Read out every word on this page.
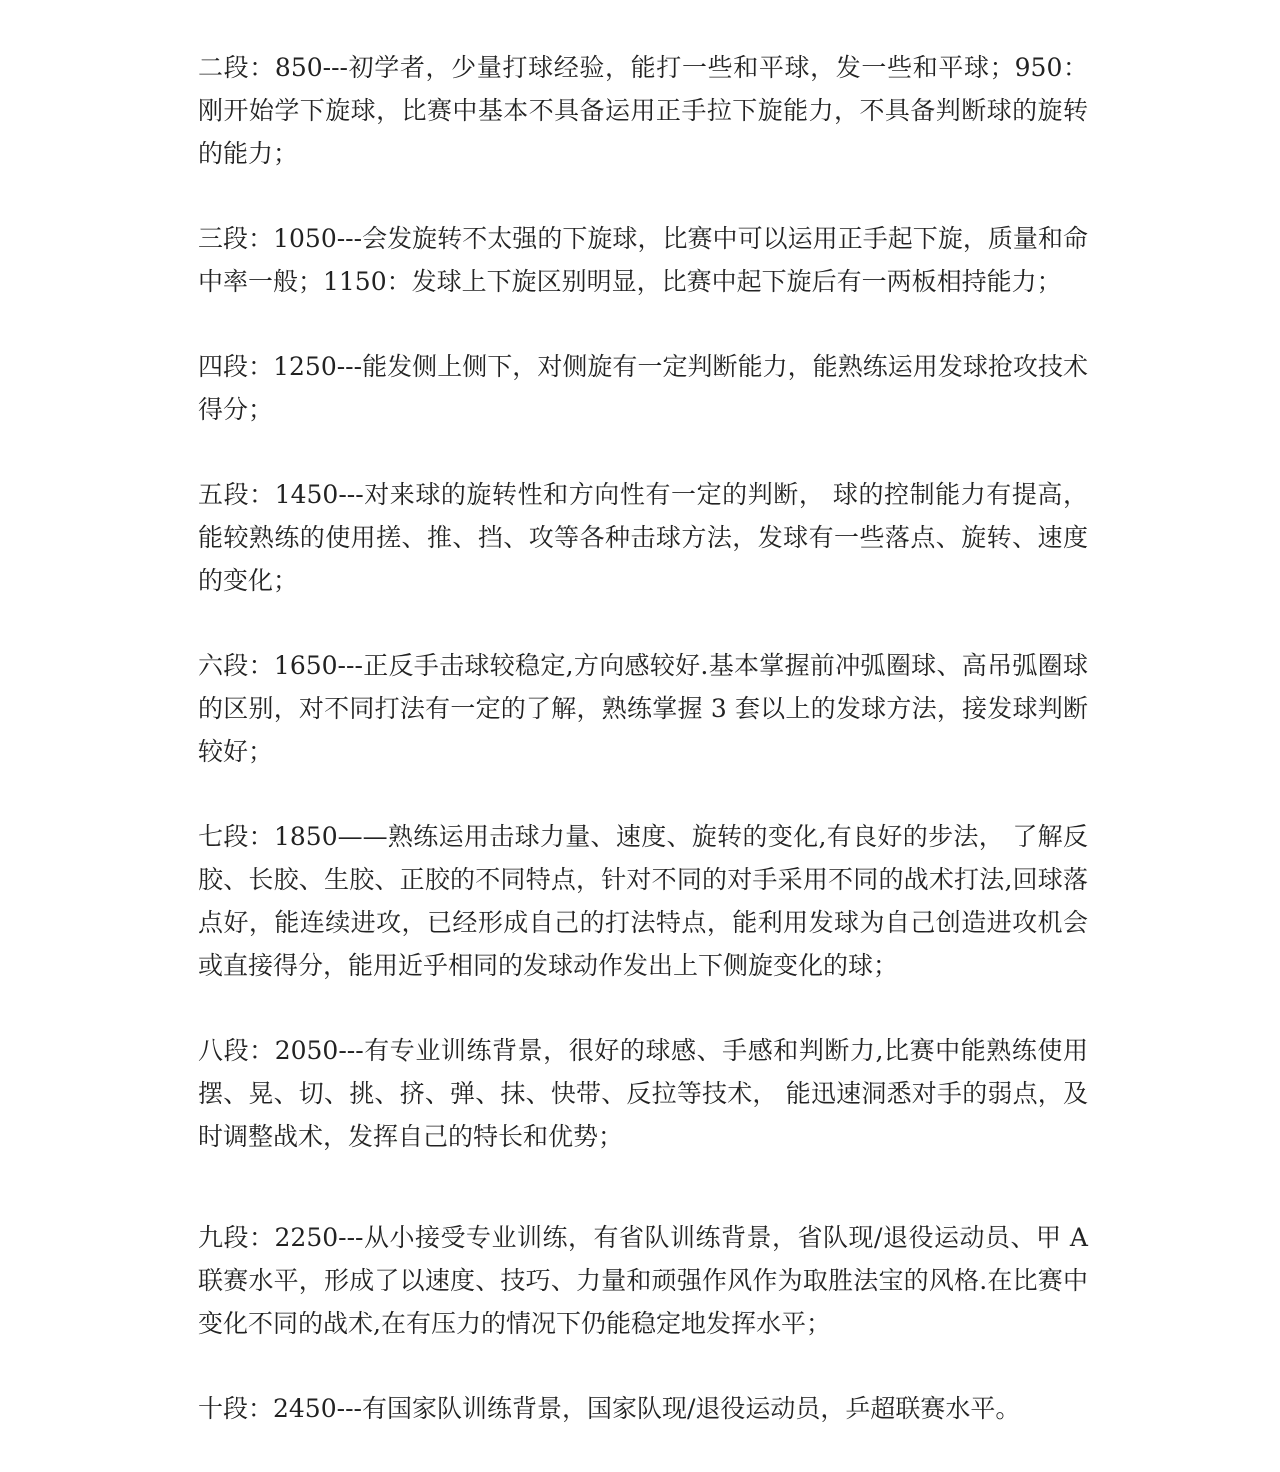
二段：850---初学者，少量打球经验，能打一些和平球，发一些和平球；950：刚开始学下旋球，比赛中基本不具备运用正手拉下旋能力，不具备判断球的旋转的能力；

三段：1050---会发旋转不太强的下旋球，比赛中可以运用正手起下旋，质量和命中率一般；1150：发球上下旋区别明显，比赛中起下旋后有一两板相持能力；

四段：1250---能发侧上侧下，对侧旋有一定判断能力，能熟练运用发球抢攻技术得分；

五段：1450---对来球的旋转性和方向性有一定的判断， 球的控制能力有提高，能较熟练的使用搓、推、挡、攻等各种击球方法，发球有一些落点、旋转、速度的变化；

六段：1650---正反手击球较稳定,方向感较好.基本掌握前冲弧圈球、高吊弧圈球的区别，对不同打法有一定的了解，熟练掌握 3 套以上的发球方法，接发球判断较好；

七段：1850——熟练运用击球力量、速度、旋转的变化,有良好的步法， 了解反胶、长胶、生胶、正胶的不同特点，针对不同的对手采用不同的战术打法,回球落点好，能连续进攻，已经形成自己的打法特点，能利用发球为自己创造进攻机会或直接得分，能用近乎相同的发球动作发出上下侧旋变化的球；

八段：2050---有专业训练背景，很好的球感、手感和判断力,比赛中能熟练使用摆、晃、切、挑、挤、弹、抹、快带、反拉等技术， 能迅速洞悉对手的弱点，及时调整战术，发挥自己的特长和优势；

九段：2250---从小接受专业训练，有省队训练背景，省队现/退役运动员、甲 A 联赛水平，形成了以速度、技巧、力量和顽强作风作为取胜法宝的风格.在比赛中变化不同的战术,在有压力的情况下仍能稳定地发挥水平；

十段：2450---有国家队训练背景，国家队现/退役运动员，乒超联赛水平。
